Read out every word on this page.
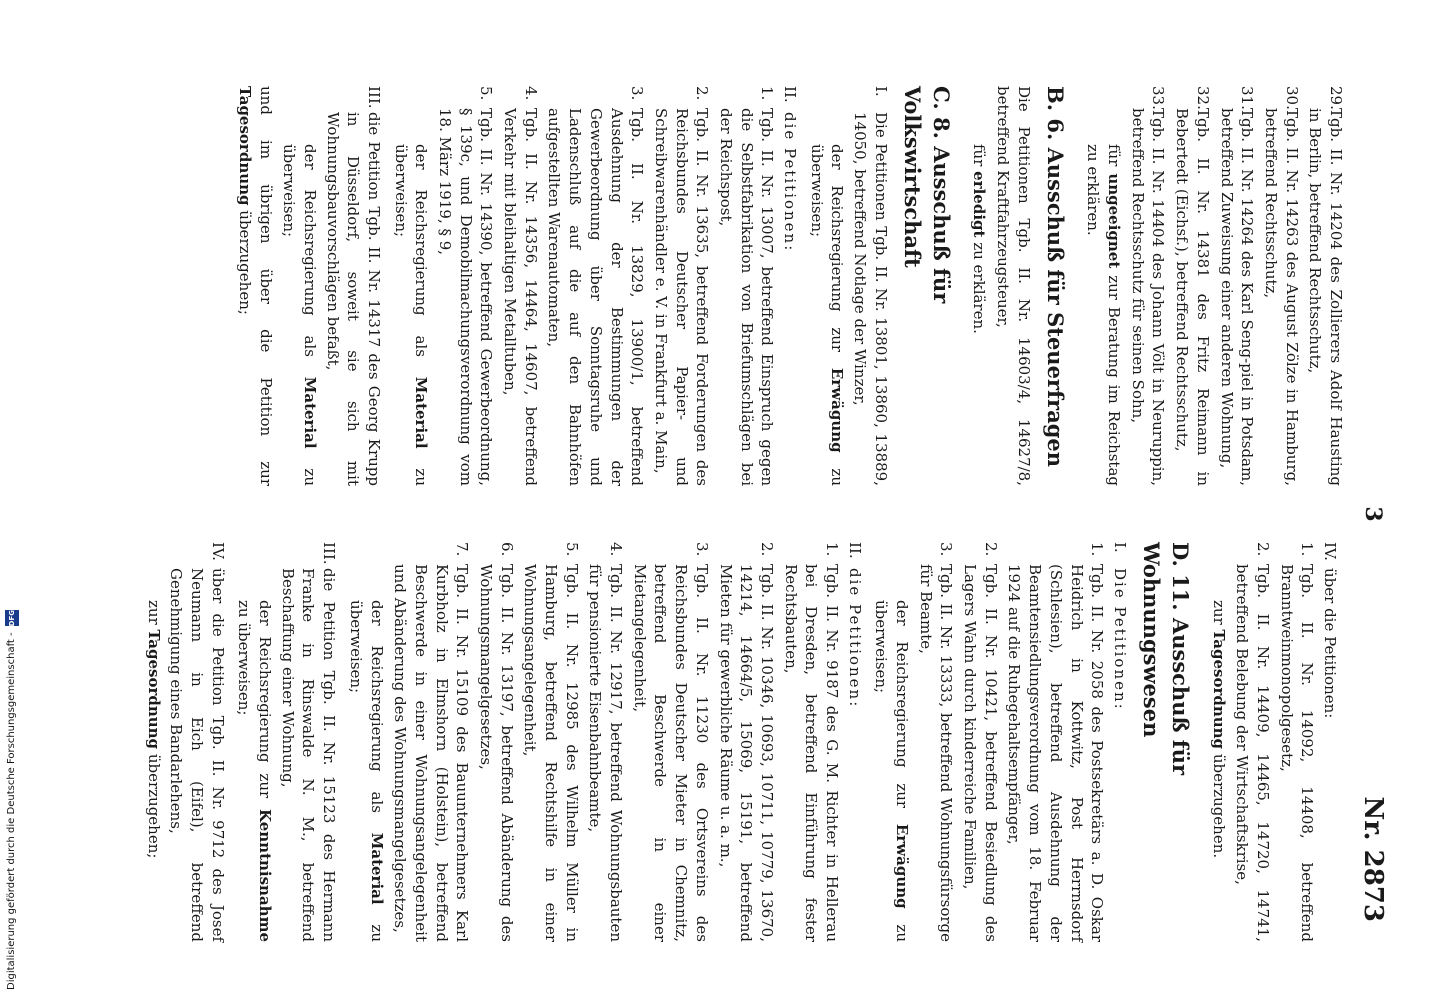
3
Nr. 2873
29.
Tgb. II. Nr. 14204 des Zollierers Adolf Hausting in Berlin, betreffend Rechtsschutz,
30.
Tgb. II. Nr. 14263 des August Zölze in Hamburg, betreffend Rechtsschutz,
31.
Tgb. II. Nr. 14264 des Karl Seng-piel in Potsdam, betreffend Zuweisung einer anderen Wohnung,
32.
Tgb. II. Nr. 14381 des Fritz Reimann in Bebertedt (Eichsf.), betreffend Rechtsschutz,
33.
Tgb. II. Nr. 14404 des Johann Völt in Neuruppin, betreffend Rechtsschutz für seinen Sohn,

für ungeeignet zur Beratung im Reichstag zu erklären.

B. 6. Ausschuß für Steuerfragen

Die Petitionen Tgb. II. Nr. 14603/4, 14627/8, betreffend Kraftfahrzeugsteuer,

für erledigt zu erklären.

C. 8. Ausschuß für Volkswirtschaft
I.
Die Petitionen Tgb. II. Nr. 13801, 13860, 13889, 14050, betreffend Notlage der Winzer,

der Reichsregierung zur Erwägung zu überweisen;

II.
die Petitionen:
1.
Tgb. II. Nr. 13007, betreffend Einspruch gegen die Selbstfabrikation von Briefumschlägen bei der Reichspost,
2.
Tgb. II. Nr. 13635, betreffend Forderungen des Reichsbundes Deutscher Papier- und Schreibwarenhändler e. V. in Frankfurt a. Main,
3.
Tgb. II. Nr. 13829, 13900/1, betreffend Ausdehnung der Bestimmungen der Gewerbeordnung über Sonntagsruhe und Ladenschluß auf die auf den Bahnhöfen aufgestellten Warenautomaten,
4.
Tgb. II. Nr. 14356, 14464, 14607, betreffend Verkehr mit bleihaltigen Metalltuben,
5.
Tgb. II. Nr. 14390, betreffend Gewerbeordnung, § 139c, und Demobilmachungsverordnung vom 18. März 1919, § 9,

der Reichsregierung als Material zu überweisen;

III.
die Petition Tgb. II. Nr. 14317 des Georg Krupp in Düsseldorf, soweit sie sich mit Wohnungsbauvorschlägen befaßt,

der Reichsregierung als Material zu überweisen;

und im übrigen über die Petition zur Tagesordnung überzugehen;

IV.
über die Petitionen:
1.
Tgb. II. Nr. 14092, 14408, betreffend Branntweinmonopolgesetz,
2.
Tgb. II. Nr. 14409, 14465, 14720, 14741, betreffend Belebung der Wirtschaftskrise,

zur Tagesordnung überzugehen.

D. 11. Ausschuß für Wohnungswesen
I.
Die Petitionen:
1.
Tgb. II. Nr. 2058 des Postsekretärs a. D. Oskar Heidrich in Kottwitz, Post Herrnsdorf (Schlesien), betreffend Ausdehnung der Beamtensiedlungsverordnung vom 18. Februar 1924 auf die Ruhegehaltsempfänger,
2.
Tgb. II. Nr. 10421, betreffend Besiedlung des Lagers Wahn durch kinderreiche Familien,
3.
Tgb. II. Nr. 13333, betreffend Wohnungsfürsorge für Beamte,

der Reichsregierung zur Erwägung zu überweisen;

II.
die Petitionen:
1.
Tgb. II. Nr. 9187 des G. M. Richter in Hellerau bei Dresden, betreffend Einführung fester Rechtsbauten,
2.
Tgb. II. Nr. 10346, 10693, 10711, 10779, 13670, 14214, 14664/5, 15069, 15191, betreffend Mieten für gewerbliche Räume u. a. m.,
3.
Tgb. II. Nr. 11230 des Ortsvereins des Reichsbundes Deutscher Mieter in Chemnitz, betreffend Beschwerde in einer Mietangelegenheit,
4.
Tgb. II. Nr. 12917, betreffend Wohnungsbauten für pensionierte Eisenbahnbeamte,
5.
Tgb. II. Nr. 12985 des Wilhelm Müller in Hamburg, betreffend Rechtshilfe in einer Wohnungsangelegenheit,
6.
Tgb. II. Nr. 13197, betreffend Abänderung des Wohnungsmangelgesetzes,
7.
Tgb. II. Nr. 15109 des Bauunternehmers Karl Kurbholz in Elmshorn (Holstein), betreffend Beschwerde in einer Wohnungsangelegenheit und Abänderung des Wohnungsmangelgesetzes,

der Reichsregierung als Material zu überweisen;

III.
die Petition Tgb. II. Nr. 15123 des Hermann Franke in Rinswalde N. M., betreffend Beschaffung einer Wohnung,

der Reichsregierung zur Kenntnisnahme zu überweisen;

IV.
über die Petition Tgb. II. Nr. 9712 des Josef Neumann in Eich (Eifel), betreffend Genehmigung eines Bandarlehens,

zur Tagesordnung überzugehen;

Digitalisierung gefördert durch die Deutsche Forschungsgemeinschaft -
DFG
